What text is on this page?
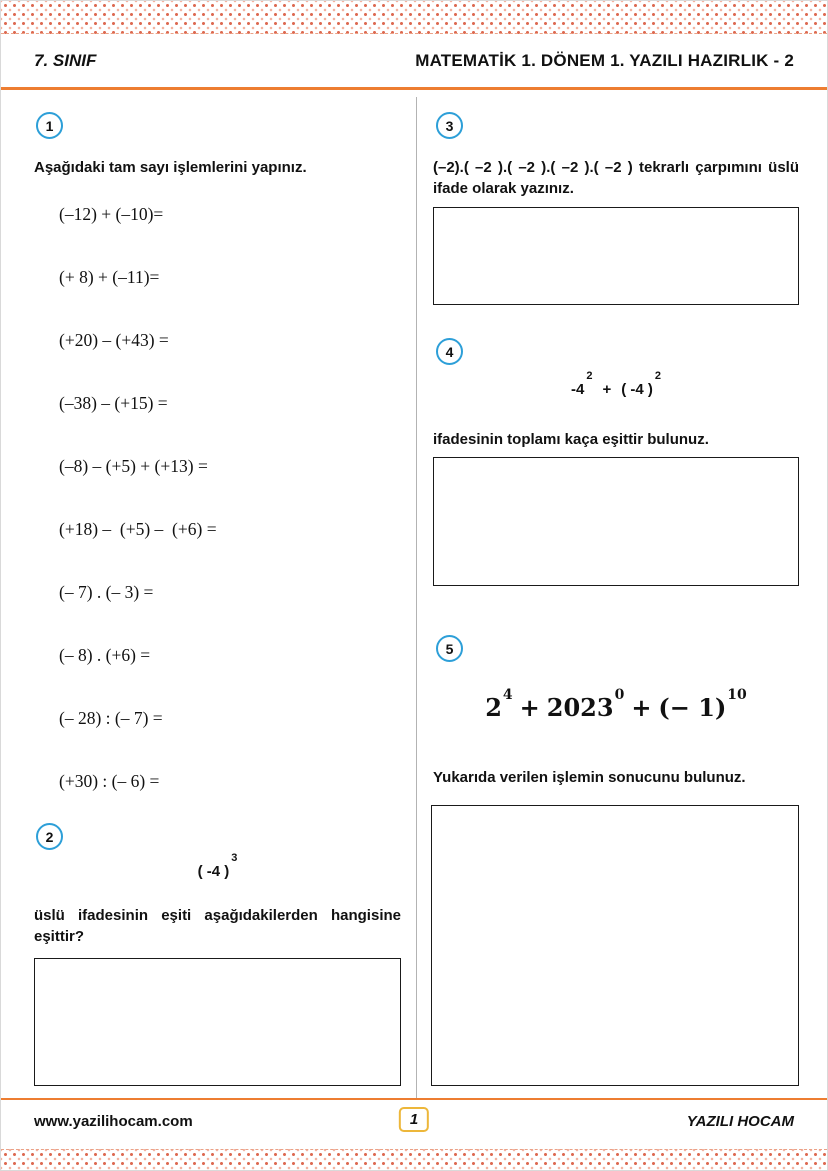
7. SINIF	MATEMATİK 1. DÖNEM 1. YAZILI HAZIRLIK - 2
1
Aşağıdaki tam sayı işlemlerini yapınız.
(–12) + (–10)=
(+ 8) + (–11)=
(+20) – (+43) =
(–38) – (+15) =
(–8) – (+5) + (+13) =
(+18) –  (+5) –  (+6) =
(– 7) . (– 3) =
(– 8) . (+6) =
(– 28) : (– 7) =
(+30) : (– 6) =
2
( -4 )$^3$
üslü ifadesinin eşiti aşağıdakilerden hangisine eşittir?
3
(–2).( –2 ).( –2 ).( –2 ).( –2 ) tekrarlı çarpımını üslü ifade olarak yazınız.
4
$-4^2+$ ( -4 )$^2$
ifadesinin toplamı kaça eşittir bulunuz.
5
$2^4 + 2023^0$ + (− 1)$^{10}$
Yukarıda verilen işlemin sonucunu bulunuz.
www.yazilihocam.com	1	YAZILI HOCAM
